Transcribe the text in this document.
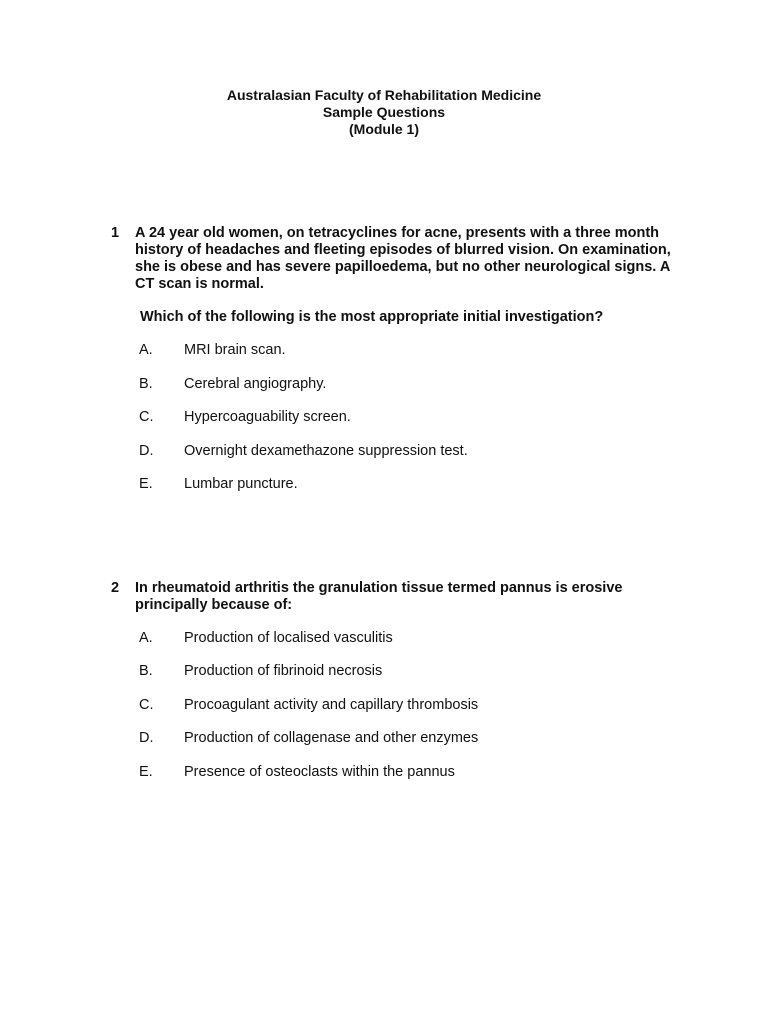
Australasian Faculty of Rehabilitation Medicine
Sample Questions
(Module 1)
1 A 24 year old women, on tetracyclines for acne, presents with a three month history of headaches and fleeting episodes of blurred vision. On examination, she is obese and has severe papilloedema, but no other neurological signs. A CT scan is normal.
Which of the following is the most appropriate initial investigation?
A. MRI brain scan.
B. Cerebral angiography.
C. Hypercoaguability screen.
D. Overnight dexamethazone suppression test.
E. Lumbar puncture.
2 In rheumatoid arthritis the granulation tissue termed pannus is erosive principally because of:
A. Production of localised vasculitis
B. Production of fibrinoid necrosis
C. Procoagulant activity and capillary thrombosis
D. Production of collagenase and other enzymes
E. Presence of osteoclasts within the pannus
